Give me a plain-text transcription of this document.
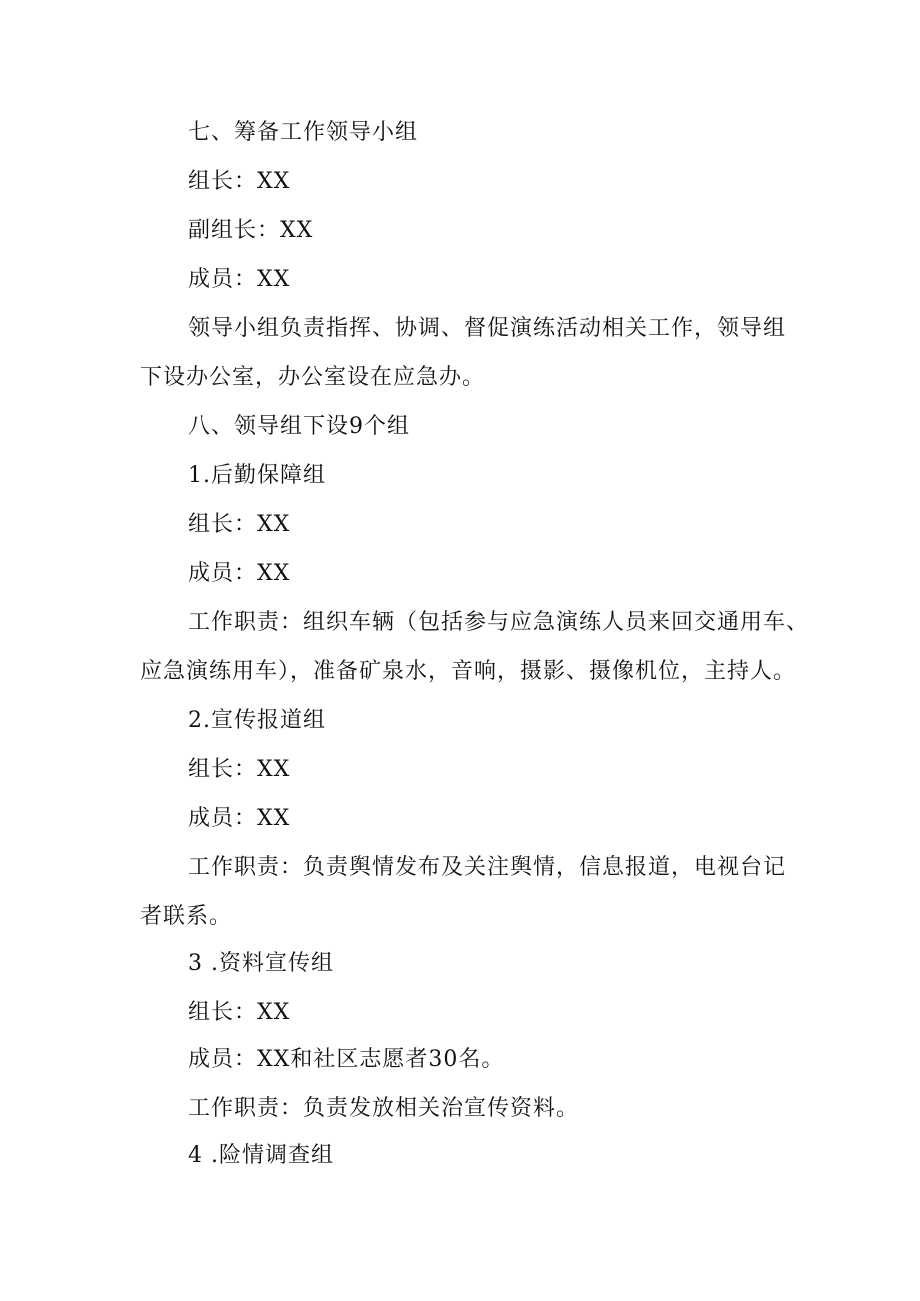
七、筹备工作领导小组
组长：XX
副组长：XX
成员：XX
领导小组负责指挥、协调、督促演练活动相关工作，领导组
下设办公室，办公室设在应急办。
八、领导组下设9个组
1.后勤保障组
组长：XX
成员：XX
工作职责：组织车辆（包括参与应急演练人员来回交通用车、
应急演练用车），准备矿泉水，音响，摄影、摄像机位，主持人。
2.宣传报道组
组长：XX
成员：XX
工作职责：负责舆情发布及关注舆情，信息报道，电视台记
者联系。
3 .资料宣传组
组长：XX
成员：XX和社区志愿者30名。
工作职责：负责发放相关治宣传资料。
4 .险情调查组
